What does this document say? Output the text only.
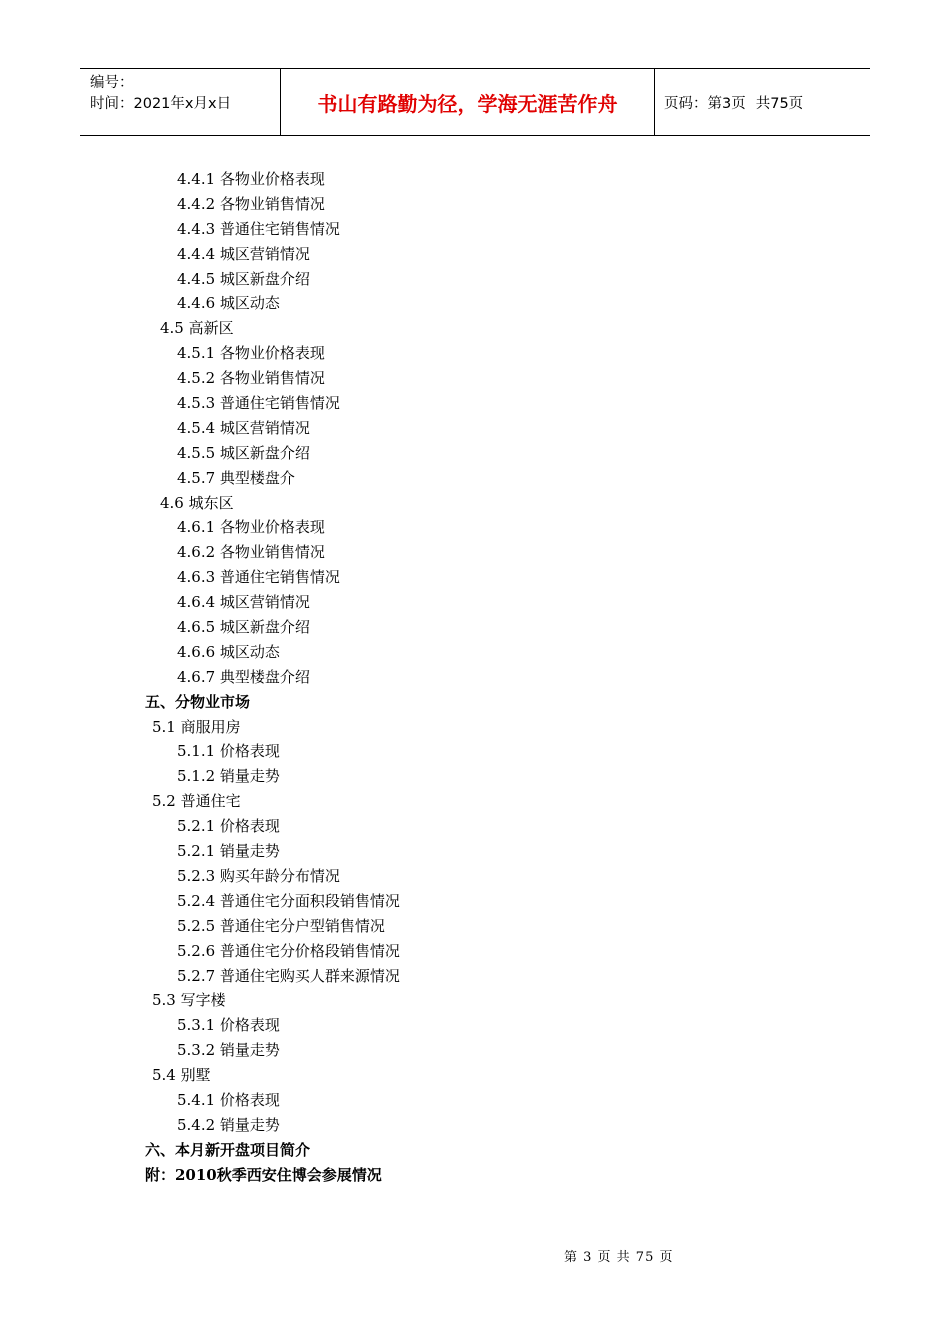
编号：
时间：2021年x月x日	书山有路勤为径，学海无涯苦作舟	页码：第3页 共75页
4.4.1 各物业价格表现
4.4.2 各物业销售情况
4.4.3 普通住宅销售情况
4.4.4 城区营销情况
4.4.5 城区新盘介绍
4.4.6 城区动态
4.5 高新区
4.5.1 各物业价格表现
4.5.2 各物业销售情况
4.5.3 普通住宅销售情况
4.5.4 城区营销情况
4.5.5 城区新盘介绍
4.5.7 典型楼盘介
4.6 城东区
4.6.1 各物业价格表现
4.6.2 各物业销售情况
4.6.3 普通住宅销售情况
4.6.4 城区营销情况
4.6.5 城区新盘介绍
4.6.6 城区动态
4.6.7 典型楼盘介绍
五、分物业市场
5.1 商服用房
5.1.1 价格表现
5.1.2 销量走势
5.2 普通住宅
5.2.1 价格表现
5.2.1 销量走势
5.2.3 购买年龄分布情况
5.2.4 普通住宅分面积段销售情况
5.2.5 普通住宅分户型销售情况
5.2.6 普通住宅分价格段销售情况
5.2.7 普通住宅购买人群来源情况
5.3 写字楼
5.3.1 价格表现
5.3.2 销量走势
5.4 别墅
5.4.1 价格表现
5.4.2 销量走势
六、本月新开盘项目简介
附：2010秋季西安住博会参展情况
第 3 页 共 75 页
